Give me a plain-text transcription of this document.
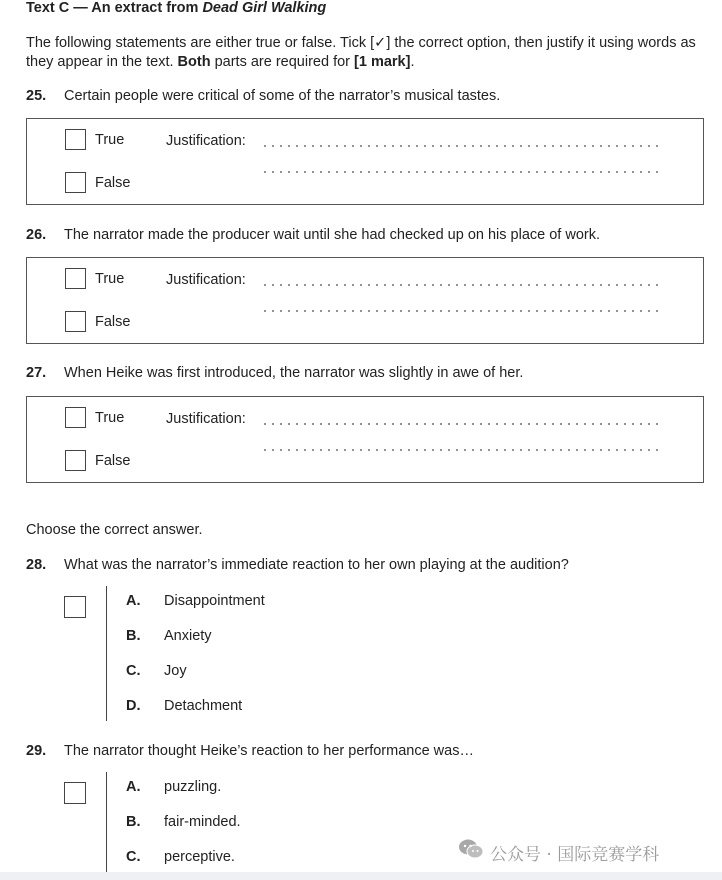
Text C — An extract from Dead Girl Walking
The following statements are either true or false. Tick [✓] the correct option, then justify it using words as they appear in the text. Both parts are required for [1 mark].
25. Certain people were critical of some of the narrator’s musical tastes.
True	Justification:
False
26. The narrator made the producer wait until she had checked up on his place of work.
True	Justification:
False
27. When Heike was first introduced, the narrator was slightly in awe of her.
True	Justification:
False
Choose the correct answer.
28. What was the narrator’s immediate reaction to her own playing at the audition?
A. Disappointment
B. Anxiety
C. Joy
D. Detachment
29. The narrator thought Heike’s reaction to her performance was…
A. puzzling.
B. fair-minded.
C. perceptive.	公众号 · 国际竞赛学科
